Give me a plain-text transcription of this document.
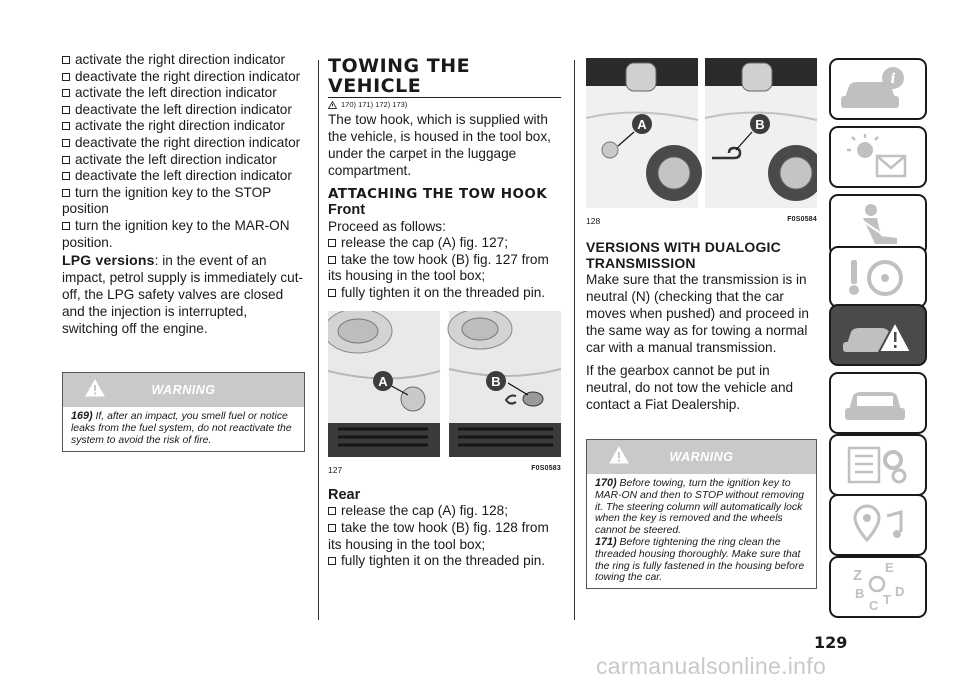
activate the right direction indicator
deactivate the right direction indicator
activate the left direction indicator
deactivate the left direction indicator
activate the right direction indicator
deactivate the right direction indicator
activate the left direction indicator
deactivate the left direction indicator
turn the ignition key to the STOP position
turn the ignition key to the MAR-ON position.

LPG versions: in the event of an impact, petrol supply is immediately cut-off, the LPG safety valves are closed and the injection is interrupted, switching off the engine.

WARNING
169) If, after an impact, you smell fuel or notice leaks from the fuel system, do not reactivate the system to avoid the risk of fire.
TOWING THE VEHICLE
170) 171) 172) 173)

The tow hook, which is supplied with the vehicle, is housed in the tool box, under the carpet in the luggage compartment.

ATTACHING THE TOW HOOK
Front

Proceed as follows:

release the cap (A) fig. 127;
take the tow hook (B) fig. 127 from its housing in the tool box;
fully tighten it on the threaded pin.
A	B
127	F0S0583
Rear
release the cap (A) fig. 128;
take the tow hook (B) fig. 128 from its housing in the tool box;
fully tighten it on the threaded pin.
A	B
128	F0S0584
VERSIONS WITH DUALOGIC TRANSMISSION

Make sure that the transmission is in neutral (N) (checking that the car moves when pushed) and proceed in the same way as for towing a normal car with a manual transmission.

If the gearbox cannot be put in neutral, do not tow the vehicle and contact a Fiat Dealership.

WARNING
170) Before towing, turn the ignition key to MAR-ON and then to STOP without removing it. The steering column will automatically lock when the key is removed and the wheels cannot be steered.
171) Before tightening the ring clean the threaded housing thoroughly. Make sure that the ring is fully fastened in the housing before towing the car.
i
Z E
B
C T
D
129
carmanualsonline.info
